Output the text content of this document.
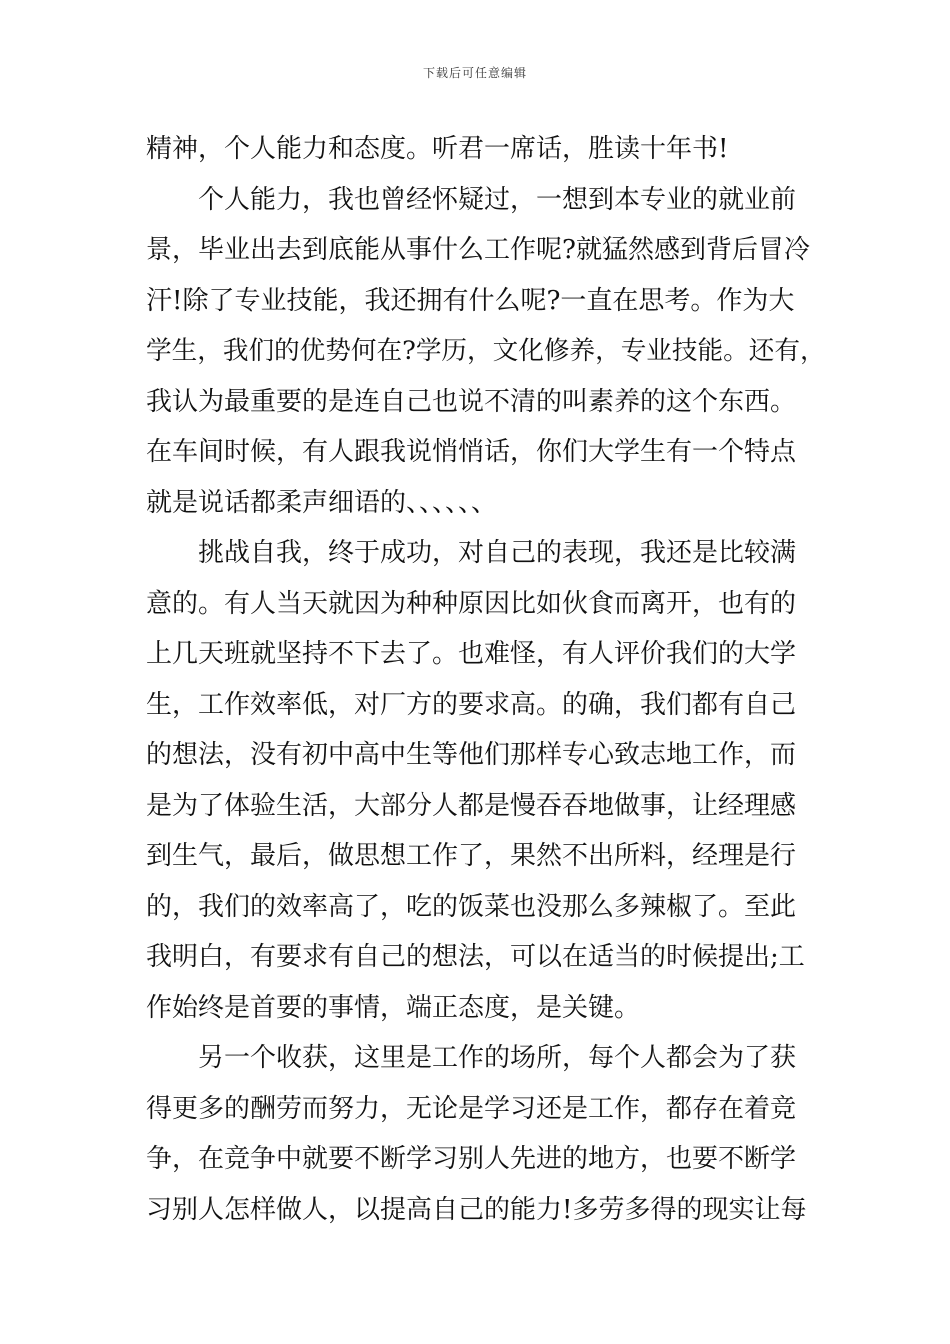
下载后可任意编辑
精神，个人能力和态度。听君一席话，胜读十年书!
个人能力，我也曾经怀疑过，一想到本专业的就业前
景，毕业出去到底能从事什么工作呢?就猛然感到背后冒冷
汗!除了专业技能，我还拥有什么呢?一直在思考。作为大
学生，我们的优势何在?学历，文化修养，专业技能。还有，
我认为最重要的是连自己也说不清的叫素养的这个东西。
在车间时候，有人跟我说悄悄话，你们大学生有一个特点
就是说话都柔声细语的、、、、、、
挑战自我，终于成功，对自己的表现，我还是比较满
意的。有人当天就因为种种原因比如伙食而离开，也有的
上几天班就坚持不下去了。也难怪，有人评价我们的大学
生，工作效率低，对厂方的要求高。的确，我们都有自己
的想法，没有初中高中生等他们那样专心致志地工作，而
是为了体验生活，大部分人都是慢吞吞地做事，让经理感
到生气，最后，做思想工作了，果然不出所料，经理是行
的，我们的效率高了，吃的饭菜也没那么多辣椒了。至此
我明白，有要求有自己的想法，可以在适当的时候提出;工
作始终是首要的事情，端正态度，是关键。
另一个收获，这里是工作的场所，每个人都会为了获
得更多的酬劳而努力，无论是学习还是工作，都存在着竞
争，在竞争中就要不断学习别人先进的地方，也要不断学
习别人怎样做人，以提高自己的能力!多劳多得的现实让每
